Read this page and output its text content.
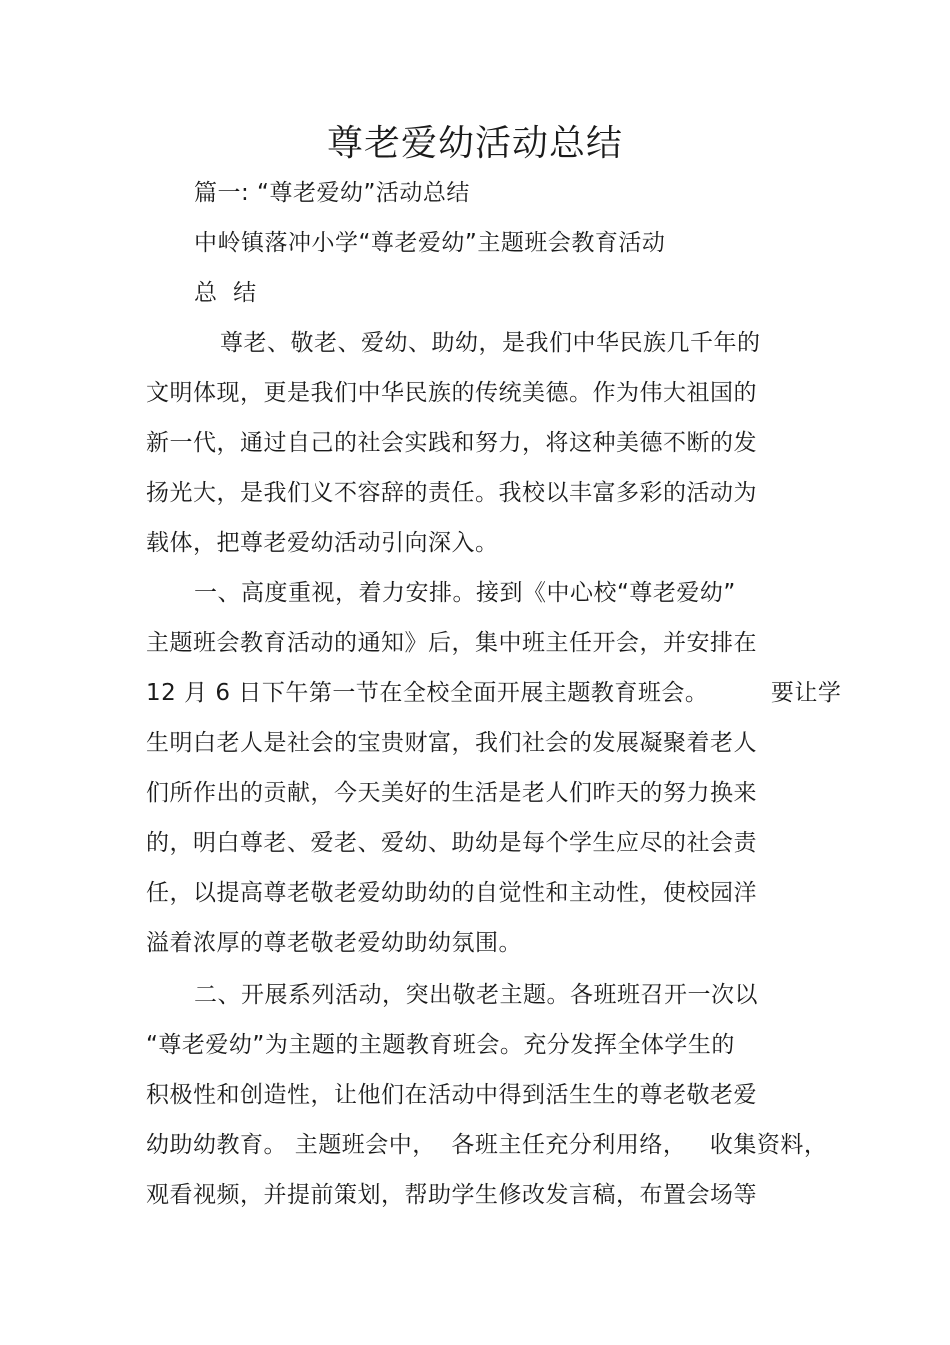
尊老爱幼活动总结

篇一: “尊老爱幼”活动总结

中岭镇落冲小学“尊老爱幼”主题班会教育活动

总  结

尊老、敬老、爱幼、助幼，是我们中华民族几千年的

文明体现，更是我们中华民族的传统美德。作为伟大祖国的

新一代，通过自己的社会实践和努力，将这种美德不断的发

扬光大，是我们义不容辞的责任。我校以丰富多彩的活动为

载体，把尊老爱幼活动引向深入。

一、高度重视，着力安排。接到《中心校“尊老爱幼”

主题班会教育活动的通知》后，集中班主任开会，并安排在

12 月 6 日下午第一节在全校全面开展主题教育班会。        要让学

生明白老人是社会的宝贵财富，我们社会的发展凝聚着老人

们所作出的贡献，今天美好的生活是老人们昨天的努力换来

的，明白尊老、爱老、爱幼、助幼是每个学生应尽的社会责

任，以提高尊老敬老爱幼助幼的自觉性和主动性，使校园洋

溢着浓厚的尊老敬老爱幼助幼氛围。

二、开展系列活动，突出敬老主题。各班班召开一次以

“尊老爱幼”为主题的主题教育班会。充分发挥全体学生的

积极性和创造性，让他们在活动中得到活生生的尊老敬老爱

幼助幼教育。 主题班会中，  各班主任充分利用络，   收集资料，

观看视频，并提前策划，帮助学生修改发言稿，布置会场等
